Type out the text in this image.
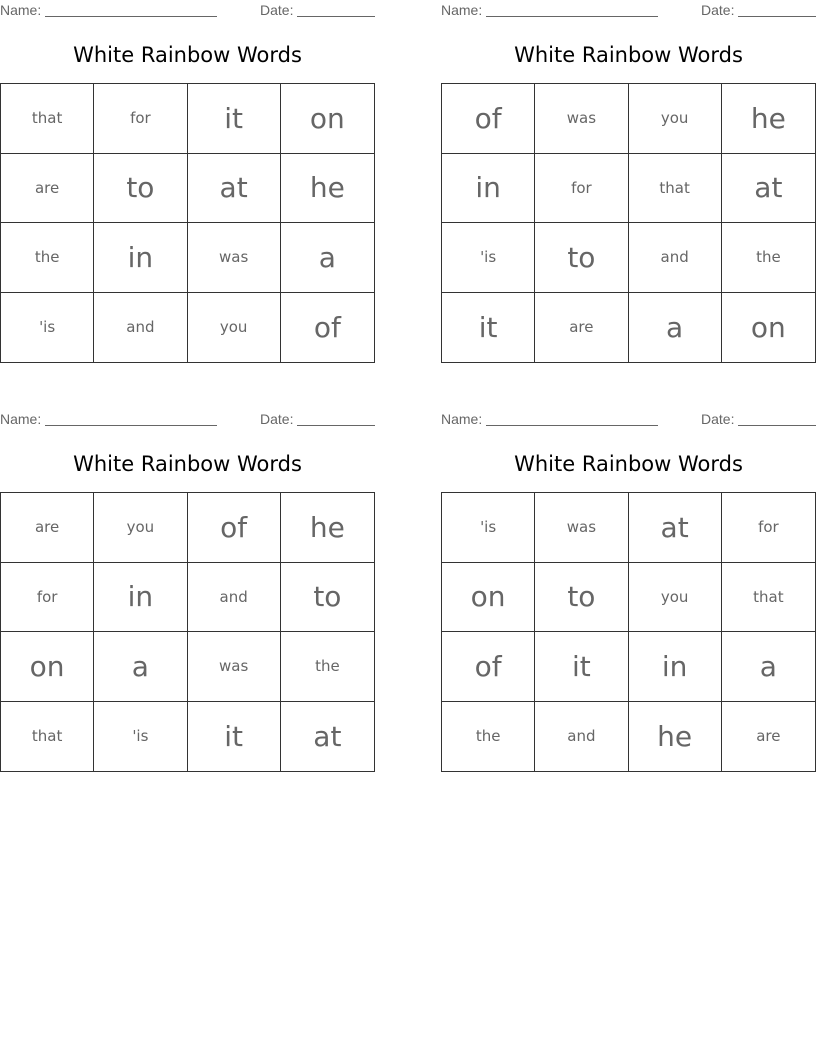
Name:	Date:
White Rainbow Words
that	for	it	on
are	to	at	he
the	in	was	a
'is	and	you	of
Name:	Date:
White Rainbow Words
of	was	you	he
in	for	that	at
'is	to	and	the
it	are	a	on
Name:	Date:
White Rainbow Words
are	you	of	he
for	in	and	to
on	a	was	the
that	'is	it	at
Name:	Date:
White Rainbow Words
'is	was	at	for
on	to	you	that
of	it	in	a
the	and	he	are
